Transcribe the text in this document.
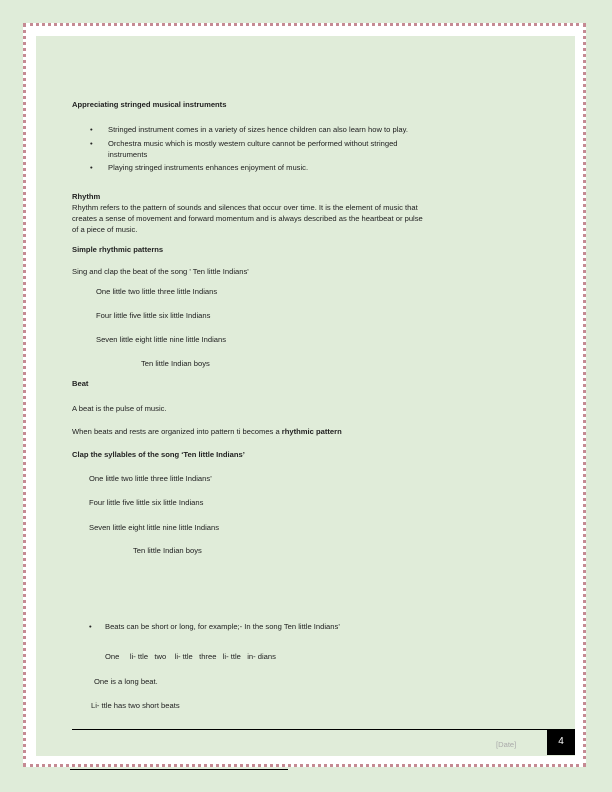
Appreciating stringed musical instruments
• Stringed instrument comes in a variety of sizes hence children can also learn how to play.
• Orchestra music which is mostly western culture cannot be performed without stringed
instruments
• Playing stringed instruments enhances enjoyment of music.
Rhythm
Rhythm refers to the pattern of sounds and silences that occur over time. It is the element of music that
creates a sense of movement and forward momentum and is always described as the heartbeat or pulse
of a piece of music.
Simple rhythmic patterns
Sing and clap the beat of the song ' Ten little Indians'
One little two little three little Indians
Four little five little six little Indians
Seven little eight little nine little Indians
Ten little Indian boys
Beat
A beat is the pulse of music.
When beats and rests are organized into pattern ti becomes a rhythmic pattern
Clap the syllables of the song ‘Ten little Indians’
One little two little three little Indians’
Four little five little six little Indians
Seven little eight little nine little Indians
Ten little Indian boys
• Beats can be short or long, for example;- In the song Ten little Indians’
One     li- ttle   two    li- ttle   three   li- ttle   in- dians
One is a long beat.
Li- ttle has two short beats
[Date]	4
